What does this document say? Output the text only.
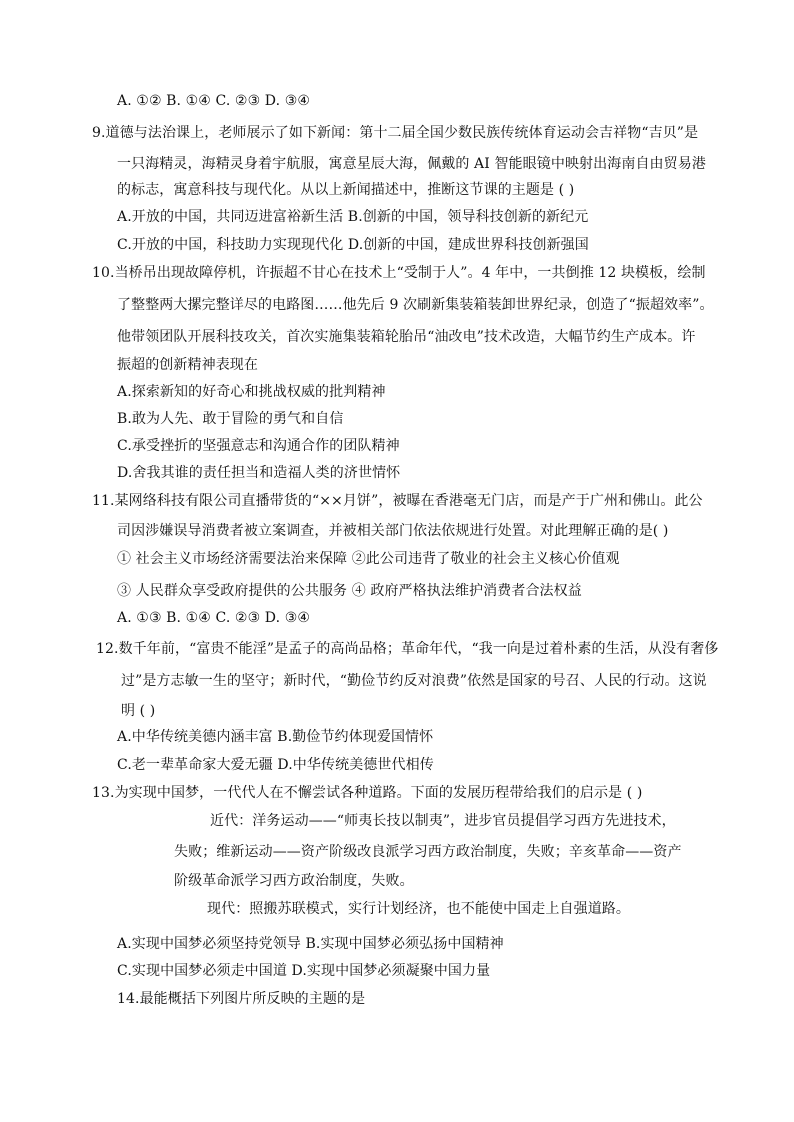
A. ①② B. ①④ C. ②③ D. ③④
9.道德与法治课上，老师展示了如下新闻：第十二届全国少数民族传统体育运动会吉祥物“吉贝”是
一只海精灵，海精灵身着宇航服，寓意星辰大海，佩戴的 AI 智能眼镜中映射出海南自由贸易港
的标志，寓意科技与现代化。从以上新闻描述中，推断这节课的主题是 ( )
A.开放的中国，共同迈进富裕新生活 B.创新的中国，领导科技创新的新纪元
C.开放的中国，科技助力实现现代化 D.创新的中国，建成世界科技创新强国
10.当桥吊出现故障停机，许振超不甘心在技术上“受制于人”。4 年中，一共倒推 12 块模板，绘制
了整整两大摞完整详尽的电路图……他先后 9 次刷新集装箱装卸世界纪录，创造了“振超效率”。
他带领团队开展科技攻关，首次实施集装箱轮胎吊“油改电”技术改造，大幅节约生产成本。许
振超的创新精神表现在
A.探索新知的好奇心和挑战权威的批判精神
B.敢为人先、敢于冒险的勇气和自信
C.承受挫折的坚强意志和沟通合作的团队精神
D.舍我其谁的责任担当和造福人类的济世情怀
11.某网络科技有限公司直播带货的“××月饼”，被曝在香港毫无门店，而是产于广州和佛山。此公
司因涉嫌误导消费者被立案调查，并被相关部门依法依规进行处置。对此理解正确的是( )
① 社会主义市场经济需要法治来保障 ②此公司违背了敬业的社会主义核心价值观
③ 人民群众享受政府提供的公共服务 ④ 政府严格执法维护消费者合法权益
A. ①③ B. ①④ C. ②③ D. ③④
12.数千年前，“富贵不能淫”是孟子的高尚品格；革命年代，“我一向是过着朴素的生活，从没有奢侈
过”是方志敏一生的坚守；新时代，“勤俭节约反对浪费”依然是国家的号召、人民的行动。这说
明 ( )
A.中华传统美德内涵丰富 B.勤俭节约体现爱国情怀
C.老一辈革命家大爱无疆 D.中华传统美德世代相传
13.为实现中国梦，一代代人在不懈尝试各种道路。下面的发展历程带给我们的启示是 ( )
近代：洋务运动——“师夷长技以制夷”，进步官员提倡学习西方先进技术，
失败；维新运动——资产阶级改良派学习西方政治制度，失败；辛亥革命——资产
阶级革命派学习西方政治制度，失败。
现代：照搬苏联模式，实行计划经济，也不能使中国走上自强道路。
A.实现中国梦必须坚持党领导 B.实现中国梦必须弘扬中国精神
C.实现中国梦必须走中国道 D.实现中国梦必须凝聚中国力量
14.最能概括下列图片所反映的主题的是
